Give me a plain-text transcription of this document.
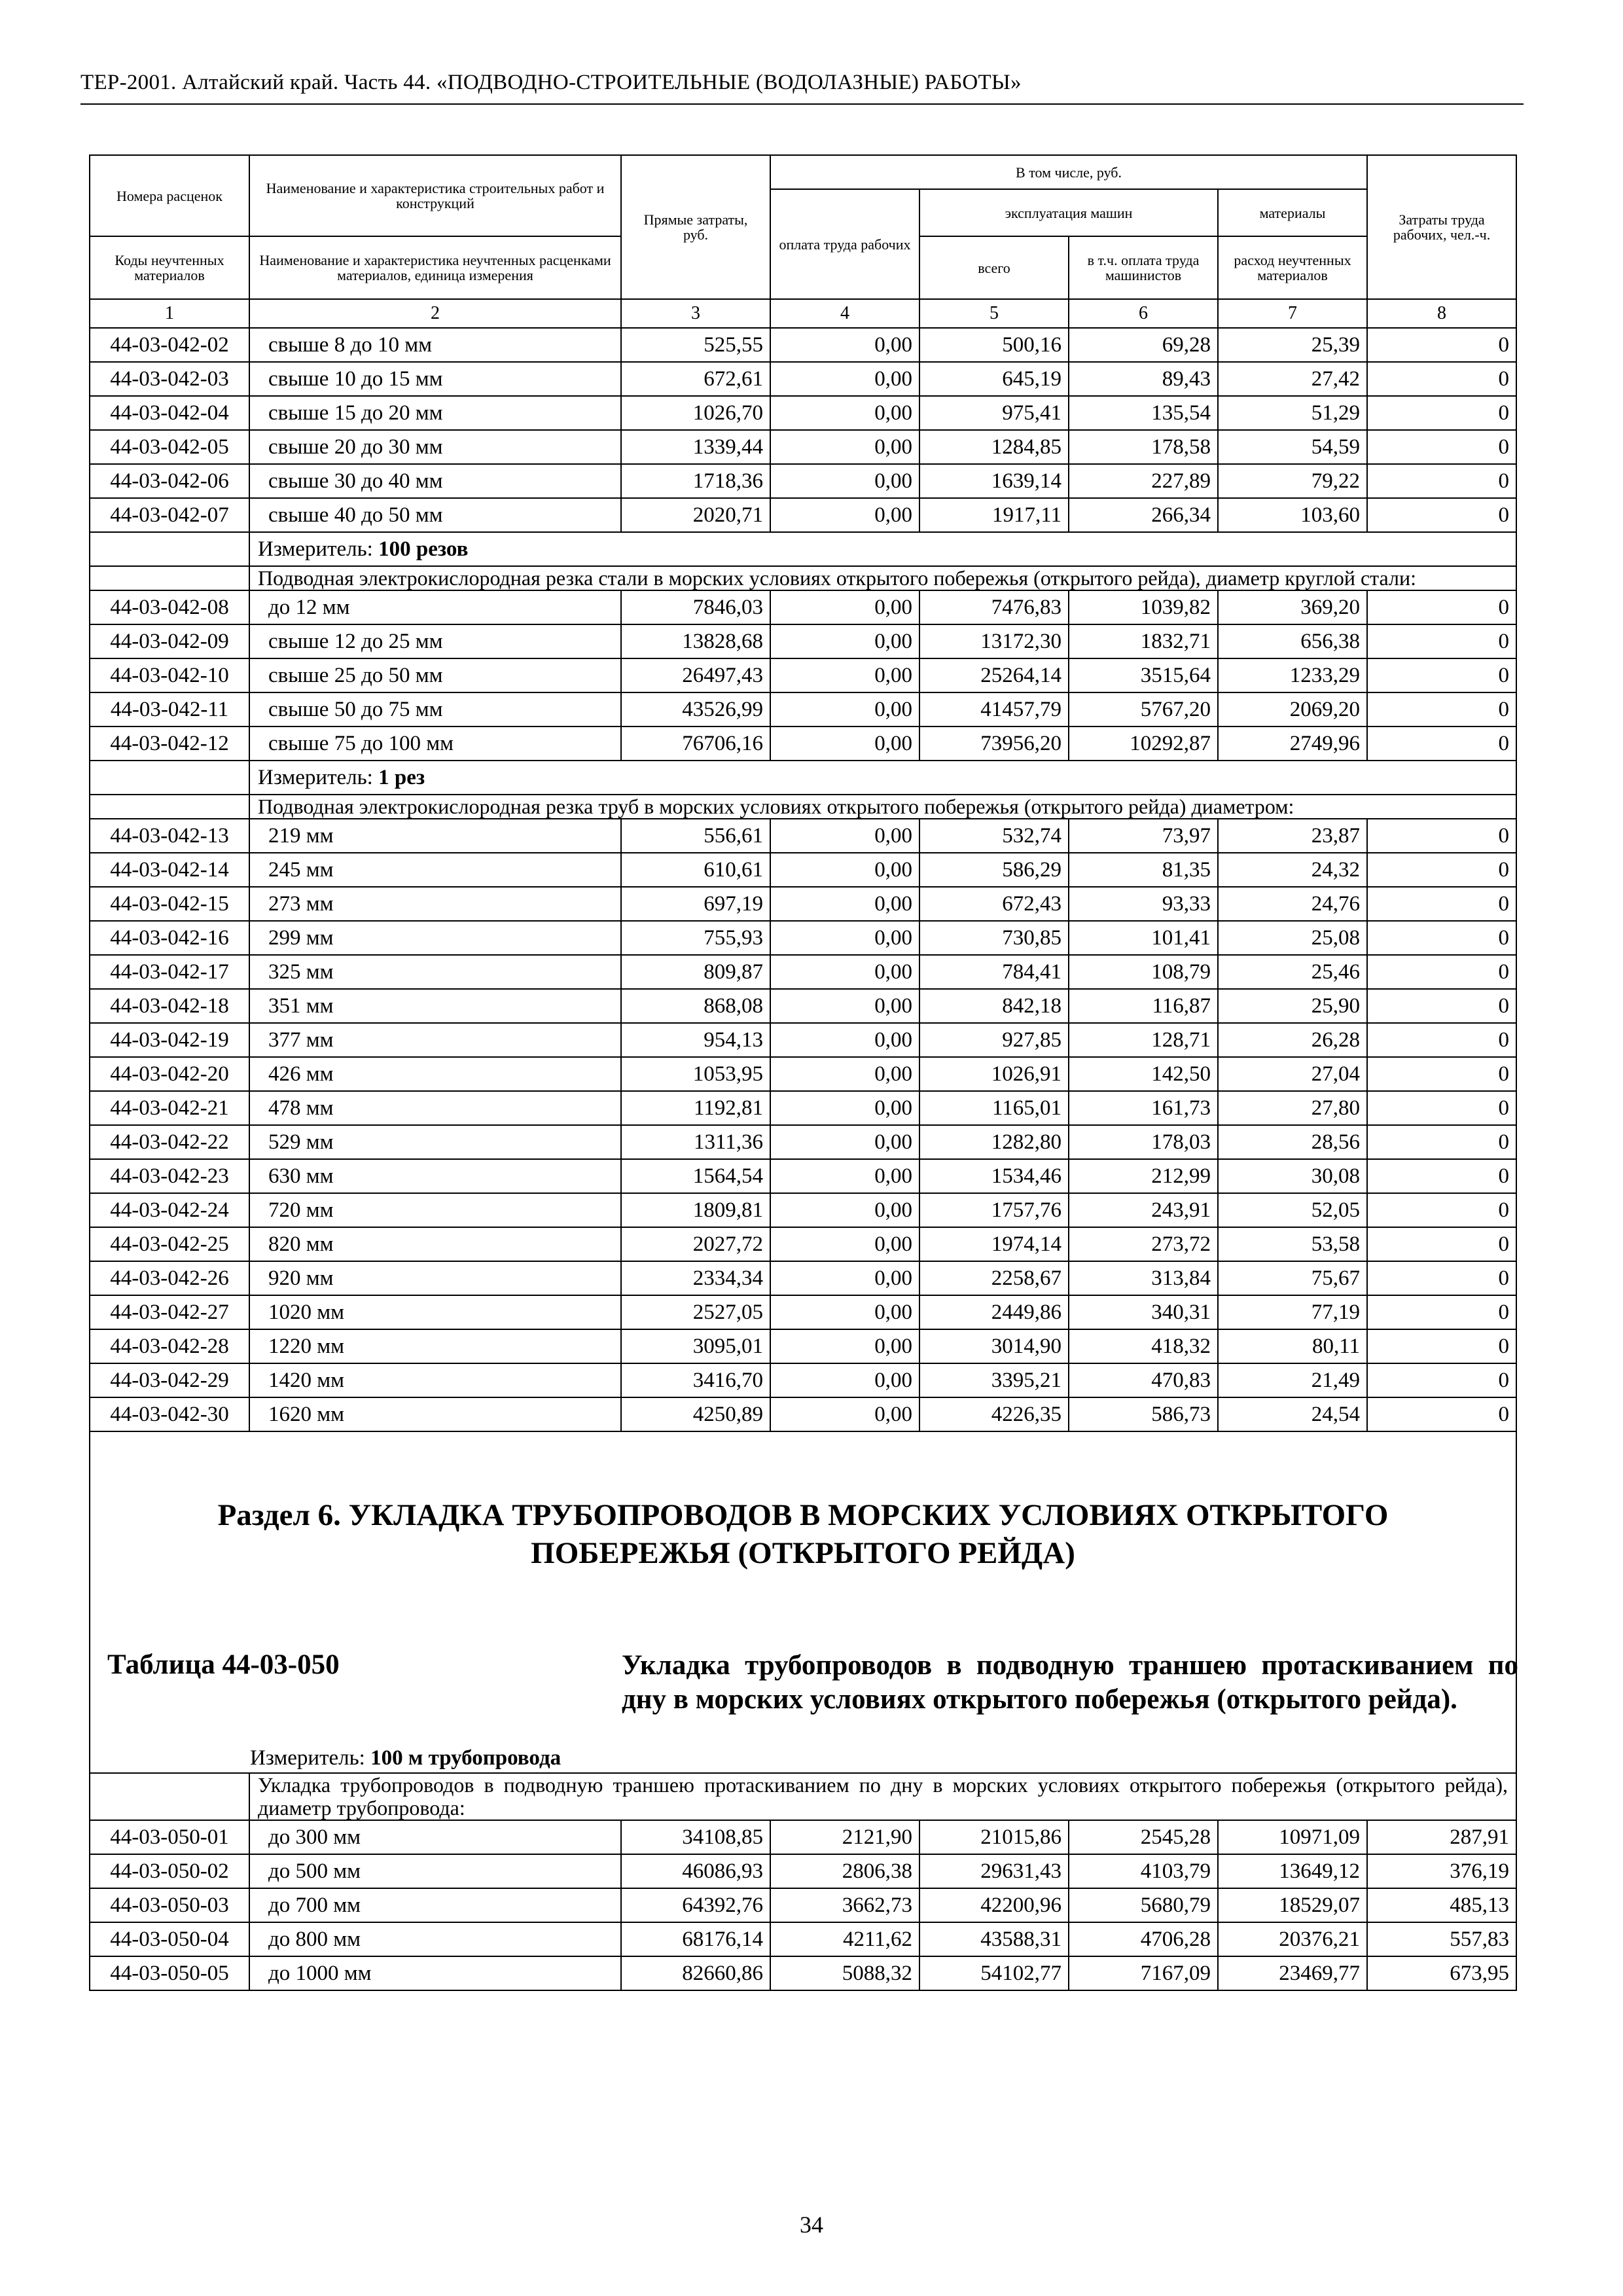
ТЕР-2001. Алтайский край. Часть 44. «ПОДВОДНО-СТРОИТЕЛЬНЫЕ (ВОДОЛАЗНЫЕ) РАБОТЫ»
Номера расценок	Наименование и характеристика строительных работ и конструкций	Прямые затраты, руб.	В том числе, руб.				Затраты труда рабочих, чел.-ч.
			оплата труда рабочих	эксплуатация машин		материалы	
Коды неучтенных материалов	Наименование и характеристика неучтенных расценками материалов, единица измерения			всего	в т.ч. оплата труда машинистов	расход неучтенных материалов	
1	2	3	4	5	6	7	8
44-03-042-02	свыше 8 до 10 мм	525,55	0,00	500,16	69,28	25,39	0
44-03-042-03	свыше 10 до 15 мм	672,61	0,00	645,19	89,43	27,42	0
44-03-042-04	свыше 15 до 20 мм	1026,70	0,00	975,41	135,54	51,29	0
44-03-042-05	свыше 20 до 30 мм	1339,44	0,00	1284,85	178,58	54,59	0
44-03-042-06	свыше 30 до 40 мм	1718,36	0,00	1639,14	227,89	79,22	0
44-03-042-07	свыше 40 до 50 мм	2020,71	0,00	1917,11	266,34	103,60	0
	Измеритель: 100 резов						
	Подводная электрокислородная резка стали в морских условиях открытого побережья (открытого рейда), диаметр круглой стали:						
44-03-042-08	до 12 мм	7846,03	0,00	7476,83	1039,82	369,20	0
44-03-042-09	свыше 12 до 25 мм	13828,68	0,00	13172,30	1832,71	656,38	0
44-03-042-10	свыше 25 до 50 мм	26497,43	0,00	25264,14	3515,64	1233,29	0
44-03-042-11	свыше 50 до 75 мм	43526,99	0,00	41457,79	5767,20	2069,20	0
44-03-042-12	свыше 75 до 100 мм	76706,16	0,00	73956,20	10292,87	2749,96	0
	Измеритель: 1 рез						
	Подводная электрокислородная резка труб в морских условиях открытого побережья (открытого рейда) диаметром:						
44-03-042-13	219 мм	556,61	0,00	532,74	73,97	23,87	0
44-03-042-14	245 мм	610,61	0,00	586,29	81,35	24,32	0
44-03-042-15	273 мм	697,19	0,00	672,43	93,33	24,76	0
44-03-042-16	299 мм	755,93	0,00	730,85	101,41	25,08	0
44-03-042-17	325 мм	809,87	0,00	784,41	108,79	25,46	0
44-03-042-18	351 мм	868,08	0,00	842,18	116,87	25,90	0
44-03-042-19	377 мм	954,13	0,00	927,85	128,71	26,28	0
44-03-042-20	426 мм	1053,95	0,00	1026,91	142,50	27,04	0
44-03-042-21	478 мм	1192,81	0,00	1165,01	161,73	27,80	0
44-03-042-22	529 мм	1311,36	0,00	1282,80	178,03	28,56	0
44-03-042-23	630 мм	1564,54	0,00	1534,46	212,99	30,08	0
44-03-042-24	720 мм	1809,81	0,00	1757,76	243,91	52,05	0
44-03-042-25	820 мм	2027,72	0,00	1974,14	273,72	53,58	0
44-03-042-26	920 мм	2334,34	0,00	2258,67	313,84	75,67	0
44-03-042-27	1020 мм	2527,05	0,00	2449,86	340,31	77,19	0
44-03-042-28	1220 мм	3095,01	0,00	3014,90	418,32	80,11	0
44-03-042-29	1420 мм	3416,70	0,00	3395,21	470,83	21,49	0
44-03-042-30	1620 мм	4250,89	0,00	4226,35	586,73	24,54	0

Раздел 6. УКЛАДКА ТРУБОПРОВОДОВ В МОРСКИХ УСЛОВИЯХ ОТКРЫТОГО
ПОБЕРЕЖЬЯ (ОТКРЫТОГО РЕЙДА)
Таблица 44-03-050 Укладка трубопроводов в подводную траншею протаскиванием по дну в морских условиях открытого побережья (открытого рейда).
Измеритель: 100 м трубопровода							

	Укладка трубопроводов в подводную траншею протаскиванием по дну в морских условиях открытого побережья (открытого рейда), диаметр трубопровода:						
44-03-050-01	до 300 мм	34108,85	2121,90	21015,86	2545,28	10971,09	287,91
44-03-050-02	до 500 мм	46086,93	2806,38	29631,43	4103,79	13649,12	376,19
44-03-050-03	до 700 мм	64392,76	3662,73	42200,96	5680,79	18529,07	485,13
44-03-050-04	до 800 мм	68176,14	4211,62	43588,31	4706,28	20376,21	557,83
44-03-050-05	до 1000 мм	82660,86	5088,32	54102,77	7167,09	23469,77	673,95
34
